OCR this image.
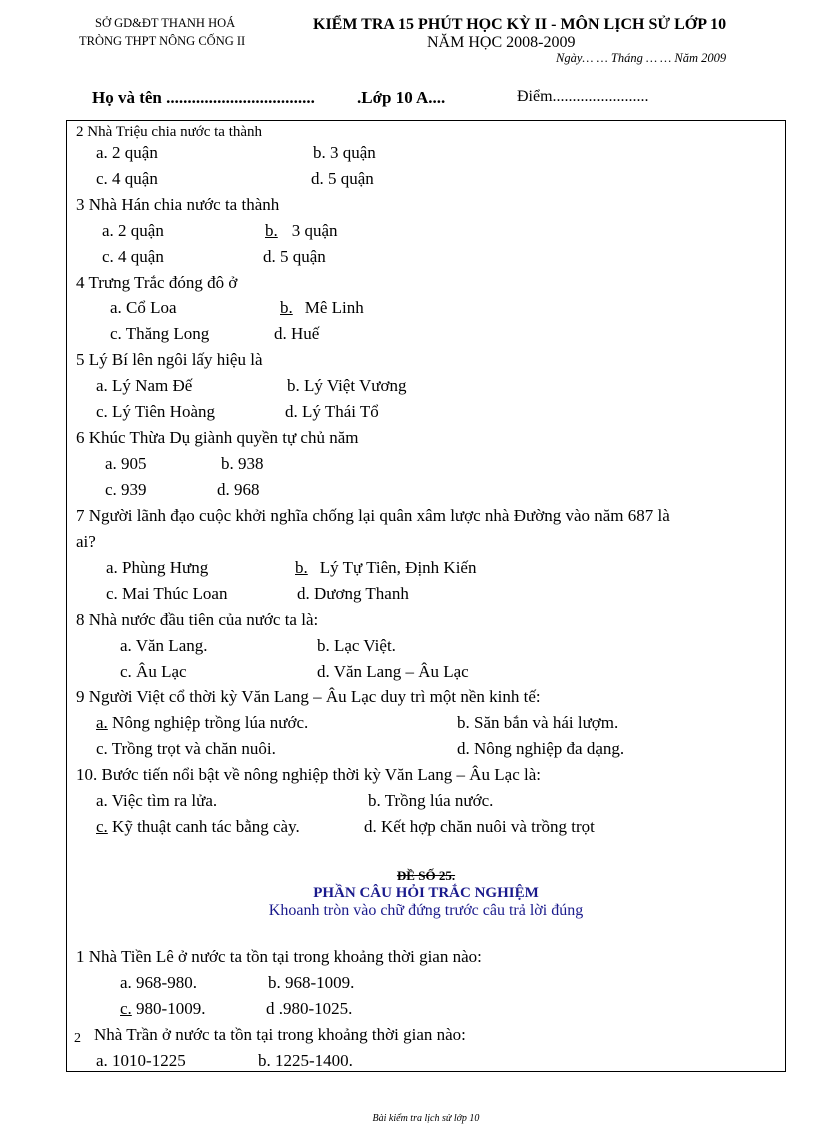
SỞ GD&ĐT THANH HOÁ
TRÒNG THPT NÔNG CỐNG II
KIỂM TRA 15 PHÚT HỌC KỲ II - MÔN LỊCH SỬ LỚP 10
NĂM HỌC 2008-2009
Ngày… … Tháng … … Năm 2009
Họ và tên ................................... .Lớp 10 A....	Điểm........................
2 Nhà Triệu chia nước ta thành
a. 2 quận	b. 3 quận
c. 4 quận	d. 5 quận
3 Nhà Hán chia nước ta thành
a. 2 quận	b. 3 quận
c. 4 quận	d. 5 quận
4 Trưng Trắc đóng đô ở
a. Cổ Loa	b. Mê Linh
c. Thăng Long	d. Huế
5 Lý Bí lên ngôi lấy hiệu là
a. Lý Nam Đế	b. Lý Việt Vương
c. Lý Tiên Hoàng	d. Lý Thái Tổ
6 Khúc Thừa Dụ giành quyền tự chủ năm
a. 905	b. 938
c. 939	d. 968
7 Người lãnh đạo cuộc khởi nghĩa chống lại quân xâm lược nhà Đường vào năm 687 là
ai?
a. Phùng Hưng	b. Lý Tự Tiên, Định Kiến
c. Mai Thúc Loan	d. Dương Thanh
8 Nhà nước đầu tiên của nước ta là:
a. Văn Lang.	b. Lạc Việt.
c. Âu Lạc	d. Văn Lang – Âu Lạc
9 Người Việt cổ thời kỳ Văn Lang – Âu Lạc duy trì một nền kinh tế:
a. Nông nghiệp trồng lúa nước.	b. Săn bắn và hái lượm.
c. Trồng trọt và chăn nuôi.	d. Nông nghiệp đa dạng.
10. Bước tiến nổi bật về nông nghiệp thời kỳ Văn Lang – Âu Lạc là:
a. Việc tìm ra lửa.	b. Trồng lúa nước.
c. Kỹ thuật canh tác bằng cày.	d. Kết hợp chăn nuôi và trồng trọt
ĐỀ SỐ 25.
PHẦN CÂU HỎI TRẮC NGHIỆM
Khoanh tròn vào chữ đứng trước câu trả lời đúng
1 Nhà Tiền Lê ở nước ta tồn tại trong khoảng thời gian nào:
a. 968-980.	b. 968-1009.
c. 980-1009.	d .980-1025.
2 Nhà Trần ở nước ta tồn tại trong khoảng thời gian nào:
a. 1010-1225	b. 1225-1400.
Bài kiểm tra lịch sử lớp 10
